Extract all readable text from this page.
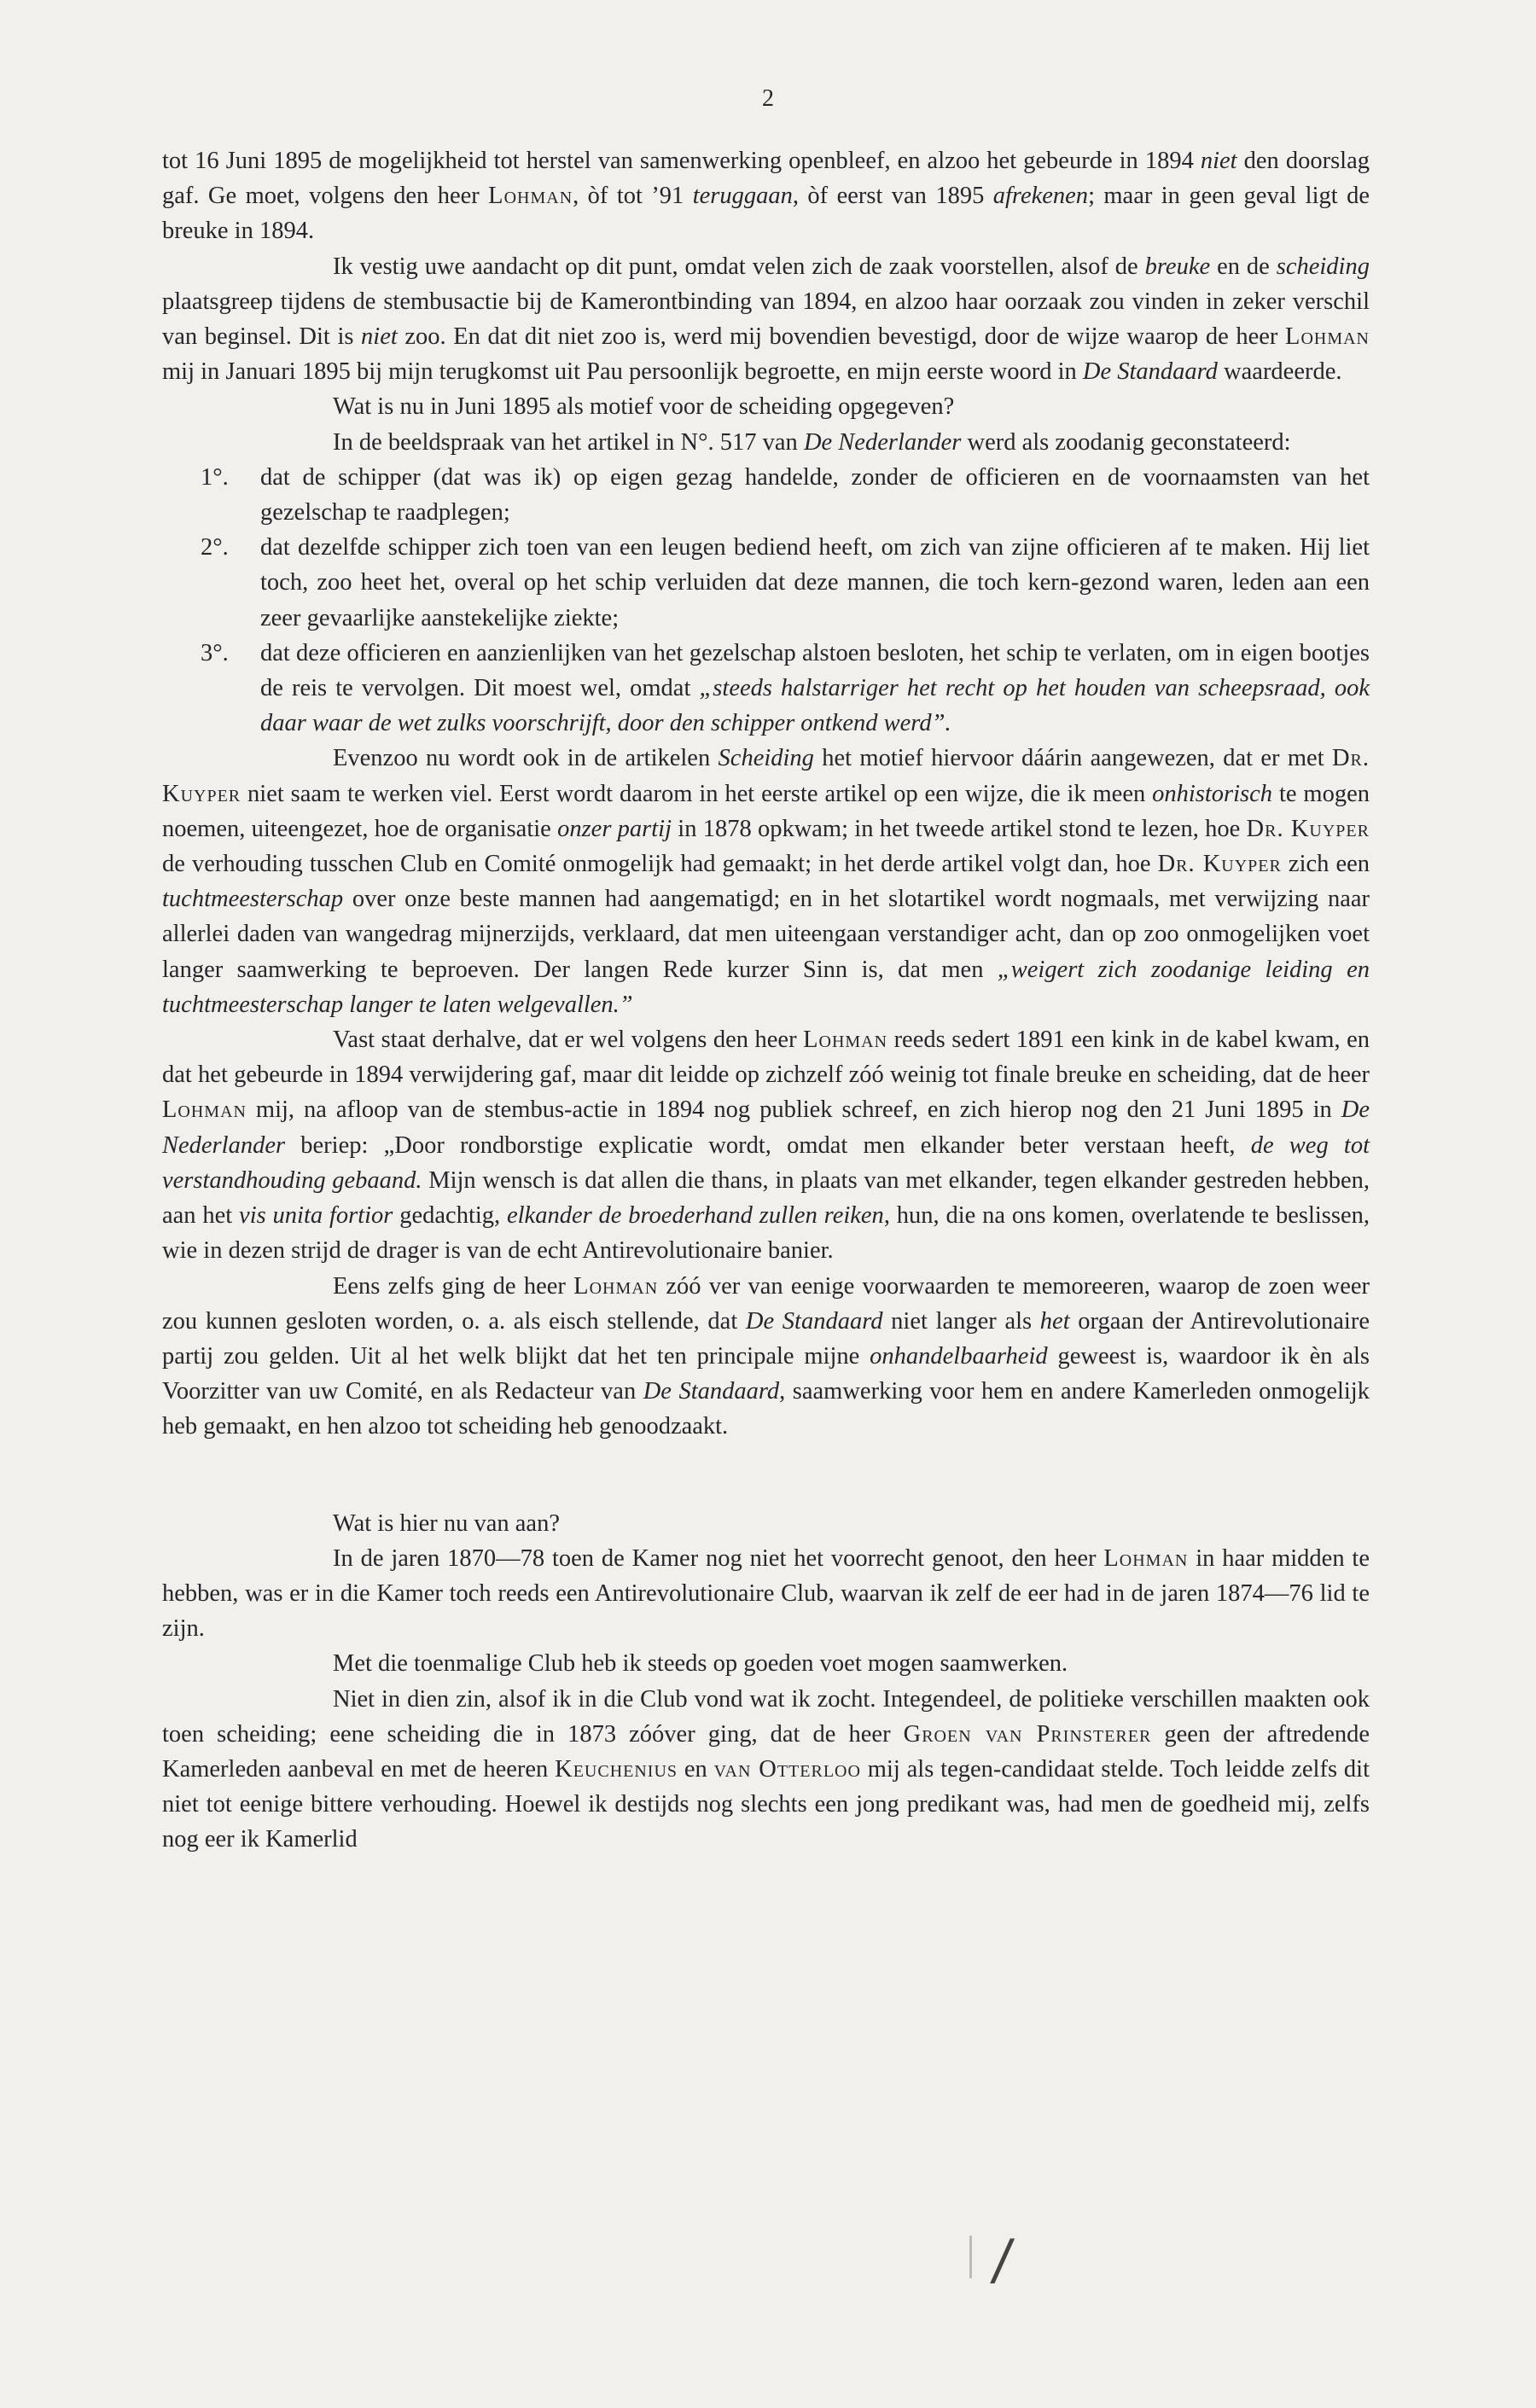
2

tot 16 Juni 1895 de mogelijkheid tot herstel van samenwerking openbleef, en alzoo het gebeurde in 1894 niet den doorslag gaf. Ge moet, volgens den heer Lohman, òf tot ’91 teruggaan, òf eerst van 1895 afrekenen; maar in geen geval ligt de breuke in 1894.

Ik vestig uwe aandacht op dit punt, omdat velen zich de zaak voorstellen, alsof de breuke en de scheiding plaatsgreep tijdens de stembusactie bij de Kamerontbinding van 1894, en alzoo haar oorzaak zou vinden in zeker verschil van beginsel. Dit is niet zoo. En dat dit niet zoo is, werd mij bovendien bevestigd, door de wijze waarop de heer Lohman mij in Januari 1895 bij mijn terugkomst uit Pau persoonlijk begroette, en mijn eerste woord in De Standaard waardeerde.

Wat is nu in Juni 1895 als motief voor de scheiding opgegeven?

In de beeldspraak van het artikel in N°. 517 van De Nederlander werd als zoodanig geconstateerd:

1°. dat de schipper (dat was ik) op eigen gezag handelde, zonder de officieren en de voornaamsten van het gezelschap te raadplegen;

2°. dat dezelfde schipper zich toen van een leugen bediend heeft, om zich van zijne officieren af te maken. Hij liet toch, zoo heet het, overal op het schip verluiden dat deze mannen, die toch kern-gezond waren, leden aan een zeer gevaarlijke aanstekelijke ziekte;

3°. dat deze officieren en aanzienlijken van het gezelschap alstoen besloten, het schip te verlaten, om in eigen bootjes de reis te vervolgen. Dit moest wel, omdat „steeds halstarriger het recht op het houden van scheepsraad, ook daar waar de wet zulks voorschrijft, door den schipper ontkend werd”.

Evenzoo nu wordt ook in de artikelen Scheiding het motief hiervoor dáárin aangewezen, dat er met Dr. Kuyper niet saam te werken viel. Eerst wordt daarom in het eerste artikel op een wijze, die ik meen onhistorisch te mogen noemen, uiteengezet, hoe de organisatie onzer partij in 1878 opkwam; in het tweede artikel stond te lezen, hoe Dr. Kuyper de verhouding tusschen Club en Comité onmogelijk had gemaakt; in het derde artikel volgt dan, hoe Dr. Kuyper zich een tuchtmeesterschap over onze beste mannen had aangematigd; en in het slotartikel wordt nogmaals, met verwijzing naar allerlei daden van wangedrag mijnerzijds, verklaard, dat men uiteengaan verstandiger acht, dan op zoo onmogelijken voet langer saamwerking te beproeven. Der langen Rede kurzer Sinn is, dat men „weigert zich zoodanige leiding en tuchtmeesterschap langer te laten welgevallen.”

Vast staat derhalve, dat er wel volgens den heer Lohman reeds sedert 1891 een kink in de kabel kwam, en dat het gebeurde in 1894 verwijdering gaf, maar dit leidde op zichzelf zóó weinig tot finale breuke en scheiding, dat de heer Lohman mij, na afloop van de stembus-actie in 1894 nog publiek schreef, en zich hierop nog den 21 Juni 1895 in De Nederlander beriep: „Door rondborstige explicatie wordt, omdat men elkander beter verstaan heeft, de weg tot verstandhouding gebaand. Mijn wensch is dat allen die thans, in plaats van met elkander, tegen elkander gestreden hebben, aan het vis unita fortior gedachtig, elkander de broederhand zullen reiken, hun, die na ons komen, overlatende te beslissen, wie in dezen strijd de drager is van de echt Antirevolutionaire banier.

Eens zelfs ging de heer Lohman zóó ver van eenige voorwaarden te memoreeren, waarop de zoen weer zou kunnen gesloten worden, o. a. als eisch stellende, dat De Standaard niet langer als het orgaan der Antirevolutionaire partij zou gelden. Uit al het welk blijkt dat het ten principale mijne onhandelbaarheid geweest is, waardoor ik èn als Voorzitter van uw Comité, en als Redacteur van De Standaard, saamwerking voor hem en andere Kamerleden onmogelijk heb gemaakt, en hen alzoo tot scheiding heb genoodzaakt.

Wat is hier nu van aan?

In de jaren 1870—78 toen de Kamer nog niet het voorrecht genoot, den heer Lohman in haar midden te hebben, was er in die Kamer toch reeds een Antirevolutionaire Club, waarvan ik zelf de eer had in de jaren 1874—76 lid te zijn.

Met die toenmalige Club heb ik steeds op goeden voet mogen saamwerken.

Niet in dien zin, alsof ik in die Club vond wat ik zocht. Integendeel, de politieke verschillen maakten ook toen scheiding; eene scheiding die in 1873 zóóver ging, dat de heer Groen van Prinsterer geen der aftredende Kamerleden aanbeval en met de heeren Keuchenius en van Otterloo mij als tegen-candidaat stelde. Toch leidde zelfs dit niet tot eenige bittere verhouding. Hoewel ik destijds nog slechts een jong predikant was, had men de goedheid mij, zelfs nog eer ik Kamerlid

/
